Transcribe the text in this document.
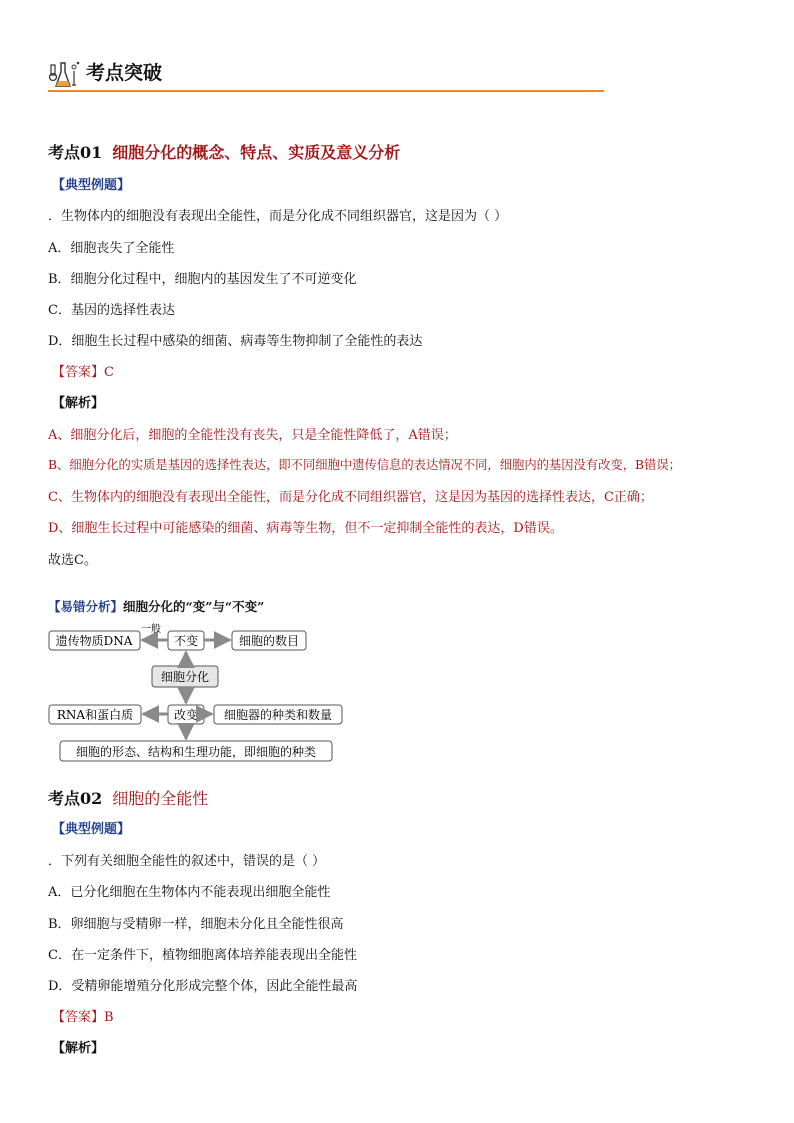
考点突破
考点01 细胞分化的概念、特点、实质及意义分析
【典型例题】
．生物体内的细胞没有表现出全能性，而是分化成不同组织器官，这是因为（ ）
A．细胞丧失了全能性
B．细胞分化过程中，细胞内的基因发生了不可逆变化
C．基因的选择性表达
D．细胞生长过程中感染的细菌、病毒等生物抑制了全能性的表达
【答案】C
【解析】
A、细胞分化后，细胞的全能性没有丧失，只是全能性降低了，A错误；
B、细胞分化的实质是基因的选择性表达，即不同细胞中遗传信息的表达情况不同，细胞内的基因没有改变，B错误；
C、生物体内的细胞没有表现出全能性，而是分化成不同组织器官，这是因为基因的选择性表达，C正确；
D、细胞生长过程中可能感染的细菌、病毒等生物，但不一定抑制全能性的表达，D错误。
故选C。
【易错分析】细胞分化的“变”与“不变”
遗传物质DNA	不变	细胞的数目
细胞分化
RNA和蛋白质	改变 细胞器的种类和数量
细胞的形态、结构和生理功能，即细胞的种类
一般
考点02 细胞的全能性
【典型例题】
．下列有关细胞全能性的叙述中，错误的是（ ）
A．已分化细胞在生物体内不能表现出细胞全能性
B．卵细胞与受精卵一样，细胞未分化且全能性很高
C．在一定条件下，植物细胞离体培养能表现出全能性
D．受精卵能增殖分化形成完整个体，因此全能性最高
【答案】B
【解析】
